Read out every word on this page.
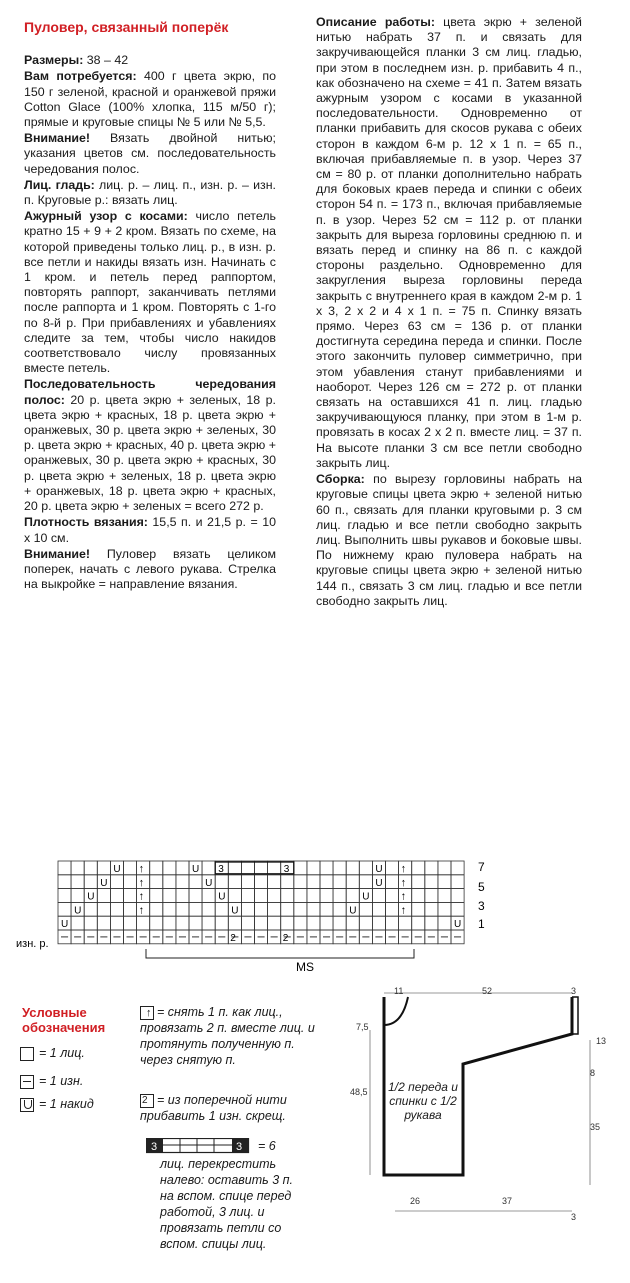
Пуловер, связанный поперёк

Размеры: 38 – 42

Вам потребуется: 400 г цвета экрю, по 150 г зеленой, красной и оранжевой пряжи Cotton Glace (100% хлопка, 115 м/50 г); прямые и круговые спицы № 5 или № 5,5.

Внимание! Вязать двойной нитью; указания цветов см. последовательность чередования полос.

Лиц. гладь: лиц. р. – лиц. п., изн. р. – изн. п. Круговые р.: вязать лиц.

Ажурный узор с косами: число петель кратно 15 + 9 + 2 кром. Вязать по схеме, на которой приведены только лиц. р., в изн. р. все петли и накиды вязать изн. Начинать с 1 кром. и петель перед раппортом, повторять раппорт, заканчивать петлями после раппорта и 1 кром. Повторять с 1-го по 8-й р. При прибавлениях и убавлениях следите за тем, чтобы число накидов соответствовало числу провязанных вместе петель.

Последовательность чередования полос: 20 р. цвета экрю + зеленых, 18 р. цвета экрю + красных, 18 р. цвета экрю + оранжевых, 30 р. цвета экрю + зеленых, 30 р. цвета экрю + красных, 40 р. цвета экрю + оранжевых, 30 р. цвета экрю + красных, 30 р. цвета экрю + зеленых, 18 р. цвета экрю + оранжевых, 18 р. цвета экрю + красных, 20 р. цвета экрю + зеленых = всего 272 р.

Плотность вязания: 15,5 п. и 21,5 р. = 10 х 10 см.

Внимание! Пуловер вязать целиком поперек, начать с левого рукава. Стрелка на выкройке = направление вязания.

Описание работы: цвета экрю + зеленой нитью набрать 37 п. и связать для закручивающейся планки 3 см лиц. гладью, при этом в последнем изн. р. прибавить 4 п., как обозначено на схеме = 41 п. Затем вязать ажурным узором с косами в указанной последовательности. Одновременно от планки прибавить для скосов рукава с обеих сторон в каждом 6-м р. 12 х 1 п. = 65 п., включая прибавляемые п. в узор. Через 37 см = 80 р. от планки дополнительно набрать для боковых краев переда и спинки с обеих сторон 54 п. = 173 п., включая прибавляемые п. в узор. Через 52 см = 112 р. от планки закрыть для выреза горловины среднюю п. и вязать перед и спинку на 86 п. с каждой стороны раздельно. Одновременно для закругления выреза горловины переда закрыть с внутреннего края в каждом 2-м р. 1 х 3, 2 х 2 и 4 х 1 п. = 75 п. Спинку вязать прямо. Через 63 см = 136 р. от планки достигнута середина переда и спинки. После этого закончить пуловер симметрично, при этом убавления станут прибавлениями и наоборот. Через 126 см = 272 р. от планки связать на оставшихся 41 п. лиц. гладью закручивающуюся планку, при этом в 1-м р. провязать в косах 2 х 2 п. вместе лиц. = 37 п. На высоте планки 3 см все петли свободно закрыть лиц.

Сборка: по вырезу горловины набрать на круговые спицы цвета экрю + зеленой нитью 60 п., связать для планки круговыми р. 3 см лиц. гладью и все петли свободно закрыть лиц. Выполнить швы рукавов и боковые швы. По нижнему краю пуловера набрать на круговые спицы цвета экрю + зеленой нитью 144 п., связать 3 см лиц. гладью и все петли свободно закрыть лиц.

U
U
U
U
U
U
U
U
U
U
U
U
U
U
↑
↑
↑
↑
↑
↑
↑
↑
3	3
2	2
7
5
3
1
изн. р.
MS
Условные обозначения
= 1 лиц.
= 1 изн.
= 1 накид
↑ = снять 1 п. как лиц., провязать 2 п. вместе лиц. и протянуть полученную п. через снятую п.
2 = из поперечной нити прибавить 1 изн. скрещ.
3	3 = 6
лиц. перекрестить налево: оставить 3 п. на вспом. спице перед работой, 3 лиц. и провязать петли со вспом. спицы лиц.
11	52	3
7,5
13
8
48,5
35
26	37
3
1/2 переда и спинки с 1/2 рукава
